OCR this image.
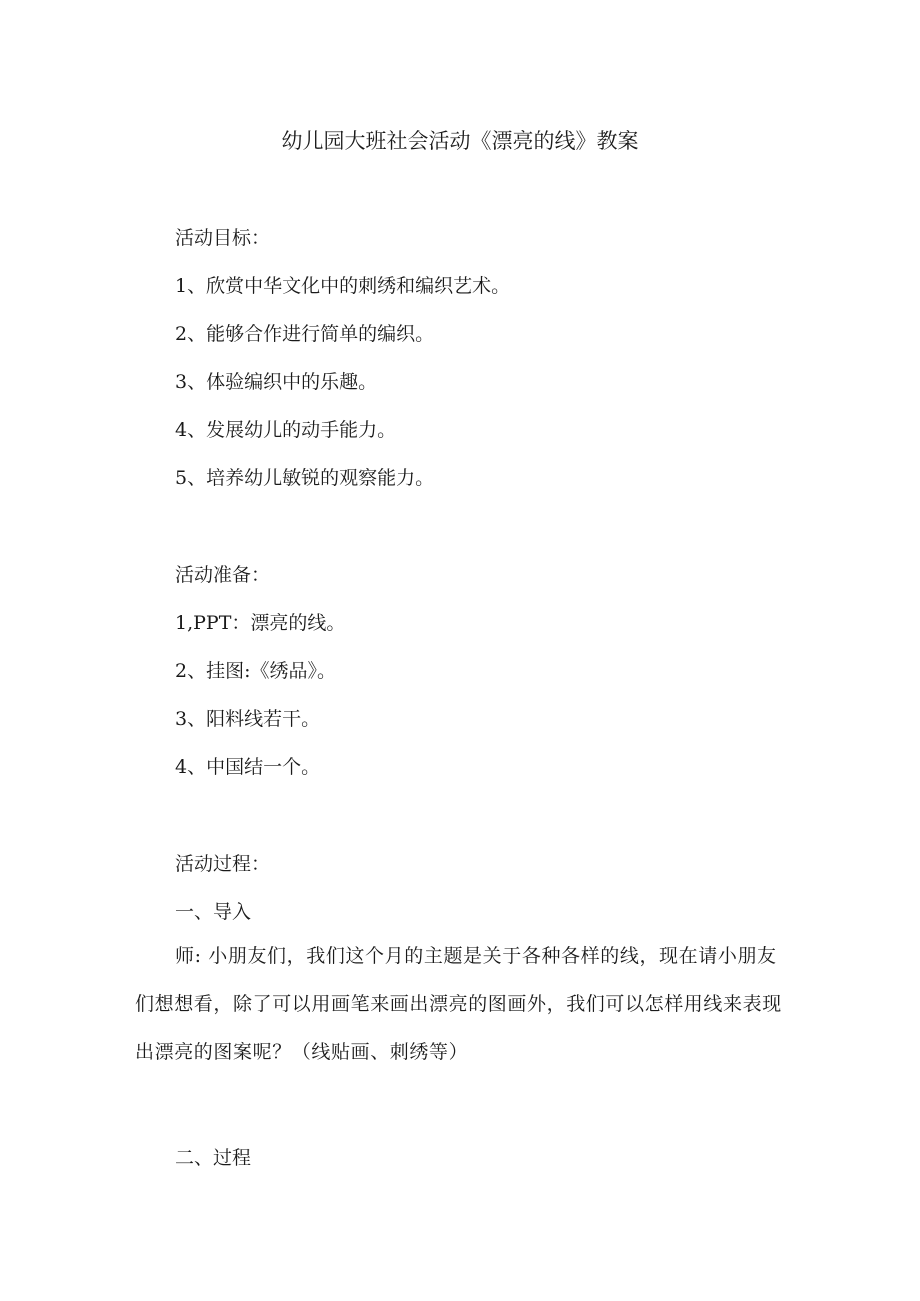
幼儿园大班社会活动《漂亮的线》教案
活动目标：
1、欣赏中华文化中的刺绣和编织艺术。
2、能够合作进行简单的编织。
3、体验编织中的乐趣。
4、发展幼儿的动手能力。
5、培养幼儿敏锐的观察能力。
活动准备：
1,PPT：漂亮的线。
2、挂图:《绣品》。
3、阳料线若干。
4、中国结一个。
活动过程：
一、导入
师: 小朋友们，我们这个月的主题是关于各种各样的线，现在请小朋友们想想看，除了可以用画笔来画出漂亮的图画外，我们可以怎样用线来表现出漂亮的图案呢？（线贴画、刺绣等）
二、过程
